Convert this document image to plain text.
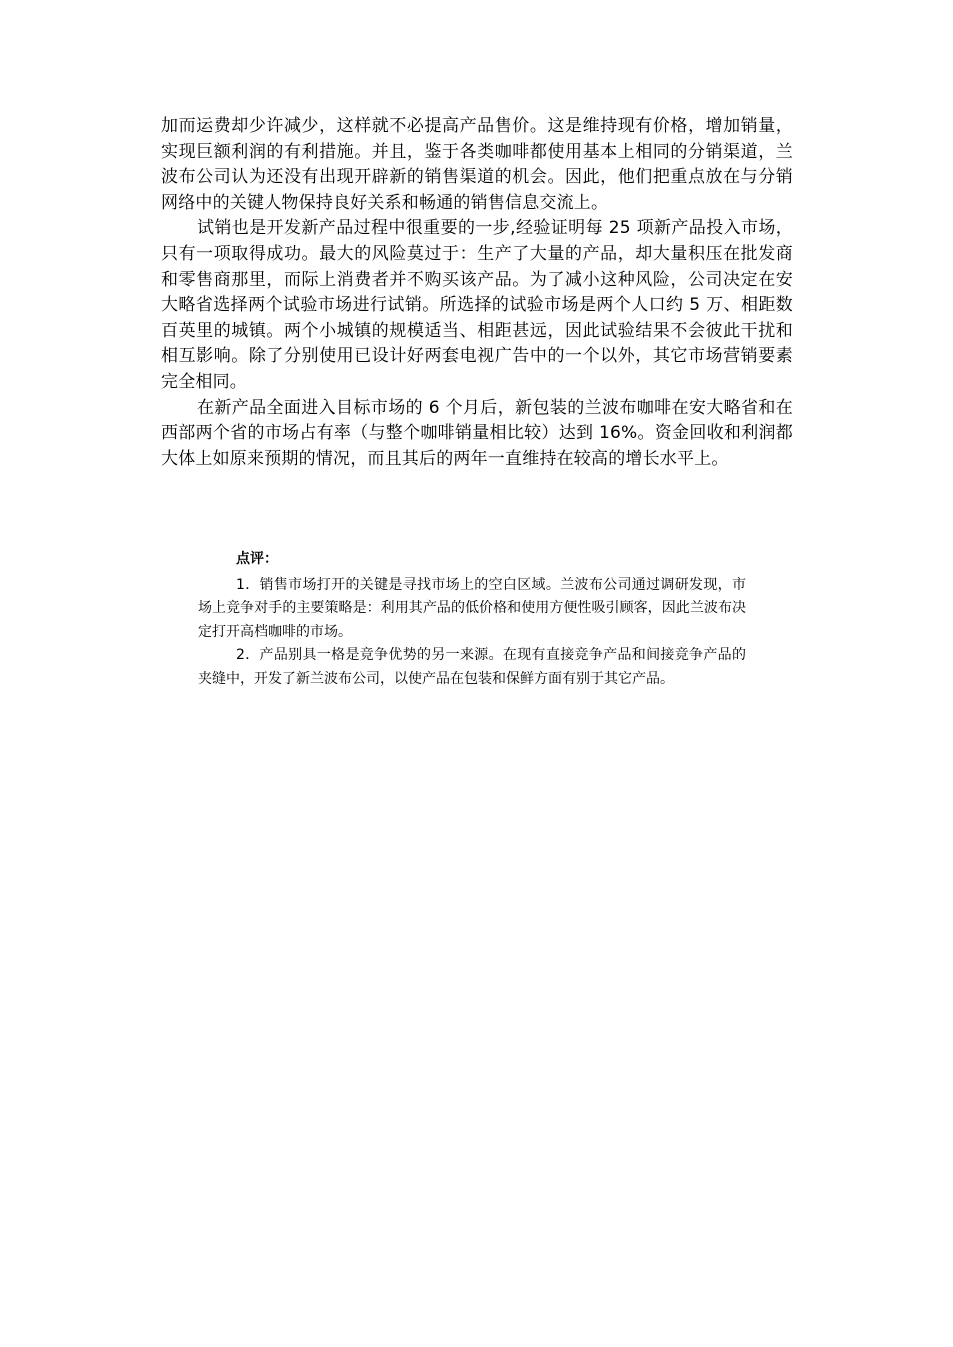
加而运费却少许减少，这样就不必提高产品售价。这是维持现有价格，增加销量，实现巨额利润的有利措施。并且，鉴于各类咖啡都使用基本上相同的分销渠道，兰波布公司认为还没有出现开辟新的销售渠道的机会。因此，他们把重点放在与分销网络中的关键人物保持良好关系和畅通的销售信息交流上。

试销也是开发新产品过程中很重要的一步,经验证明每 25 项新产品投入市场，只有一项取得成功。最大的风险莫过于：生产了大量的产品，却大量积压在批发商和零售商那里，而际上消费者并不购买该产品。为了减小这种风险，公司决定在安大略省选择两个试验市场进行试销。所选择的试验市场是两个人口约 5 万、相距数百英里的城镇。两个小城镇的规模适当、相距甚远，因此试验结果不会彼此干扰和相互影响。除了分别使用已设计好两套电视广告中的一个以外，其它市场营销要素完全相同。

在新产品全面进入目标市场的 6 个月后，新包装的兰波布咖啡在安大略省和在西部两个省的市场占有率（与整个咖啡销量相比较）达到 16%。资金回收和利润都大体上如原来预期的情况，而且其后的两年一直维持在较高的增长水平上。

点评：

1．销售市场打开的关键是寻找市场上的空白区域。兰波布公司通过调研发现，市场上竞争对手的主要策略是：利用其产品的低价格和使用方便性吸引顾客，因此兰波布决定打开高档咖啡的市场。

2．产品别具一格是竞争优势的另一来源。在现有直接竞争产品和间接竞争产品的夹缝中，开发了新兰波布公司，以使产品在包装和保鲜方面有别于其它产品。
